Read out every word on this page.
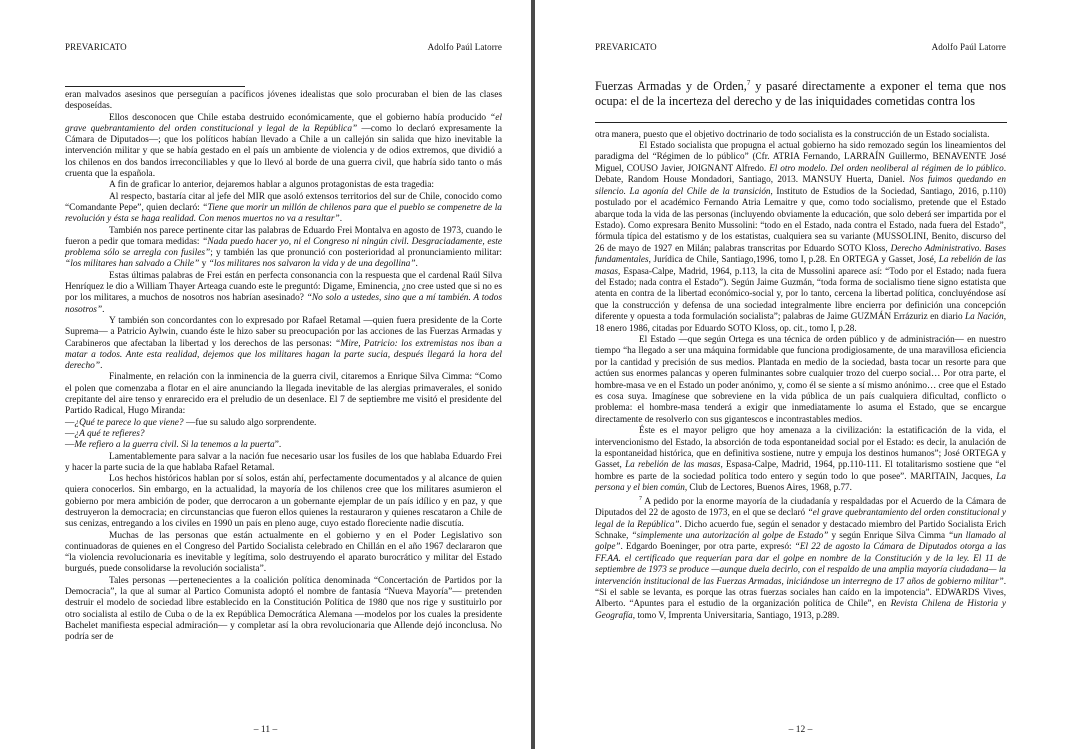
PREVARICATO	Adolfo Paúl Latorre

eran malvados asesinos que perseguían a pacíficos jóvenes idealistas que solo procuraban el bien de las clases desposeídas.

Ellos desconocen que Chile estaba destruido económicamente, que el gobierno había producido “el grave quebrantamiento del orden constitucional y legal de la República” —como lo declaró expresamente la Cámara de Diputados—; que los políticos habían llevado a Chile a un callejón sin salida que hizo inevitable la intervención militar y que se había gestado en el país un ambiente de violencia y de odios extremos, que dividió a los chilenos en dos bandos irreconciliables y que lo llevó al borde de una guerra civil, que habría sido tanto o más cruenta que la española.

A fin de graficar lo anterior, dejaremos hablar a algunos protagonistas de esta tragedia:

Al respecto, bastaría citar al jefe del MIR que asoló extensos territorios del sur de Chile, conocido como “Comandante Pepe”, quien declaró: “Tiene que morir un millón de chilenos para que el pueblo se compenetre de la revolución y ésta se haga realidad. Con menos muertos no va a resultar”.

También nos parece pertinente citar las palabras de Eduardo Frei Montalva en agosto de 1973, cuando le fueron a pedir que tomara medidas: “Nada puedo hacer yo, ni el Congreso ni ningún civil. Desgraciadamente, este problema sólo se arregla con fusiles”; y también las que pronunció con posterioridad al pronunciamiento militar: “los militares han salvado a Chile” y “los militares nos salvaron la vida y de una degollina”.

Estas últimas palabras de Frei están en perfecta consonancia con la respuesta que el cardenal Raúl Silva Henríquez le dio a William Thayer Arteaga cuando este le preguntó: Digame, Eminencia, ¿no cree usted que si no es por los militares, a muchos de nosotros nos habrían asesinado? “No solo a ustedes, sino que a mí también. A todos nosotros”.

Y también son concordantes con lo expresado por Rafael Retamal —quien fuera presidente de la Corte Suprema— a Patricio Aylwin, cuando éste le hizo saber su preocupación por las acciones de las Fuerzas Armadas y Carabineros que afectaban la libertad y los derechos de las personas: “Mire, Patricio: los extremistas nos iban a matar a todos. Ante esta realidad, dejemos que los militares hagan la parte sucia, después llegará la hora del derecho”.

Finalmente, en relación con la inminencia de la guerra civil, citaremos a Enrique Silva Cimma: “Como el polen que comenzaba a flotar en el aire anunciando la llegada inevitable de las alergias primaverales, el sonido crepitante del aire tenso y enrarecido era el preludio de un desenlace. El 7 de septiembre me visitó el presidente del Partido Radical, Hugo Miranda:

—¿Qué te parece lo que viene? —fue su saludo algo sorprendente.

—¿A qué te refieres?

—Me refiero a la guerra civil. Si la tenemos a la puerta”.

Lamentablemente para salvar a la nación fue necesario usar los fusiles de los que hablaba Eduardo Frei y hacer la parte sucia de la que hablaba Rafael Retamal.

Los hechos históricos hablan por sí solos, están ahí, perfectamente documentados y al alcance de quien quiera conocerlos. Sin embargo, en la actualidad, la mayoría de los chilenos cree que los militares asumieron el gobierno por mera ambición de poder, que derrocaron a un gobernante ejemplar de un país idílico y en paz, y que destruyeron la democracia; en circunstancias que fueron ellos quienes la restauraron y quienes rescataron a Chile de sus cenizas, entregando a los civiles en 1990 un país en pleno auge, cuyo estado floreciente nadie discutía.

Muchas de las personas que están actualmente en el gobierno y en el Poder Legislativo son continuadoras de quienes en el Congreso del Partido Socialista celebrado en Chillán en el año 1967 declararon que “la violencia revolucionaria es inevitable y legítima, solo destruyendo el aparato burocrático y militar del Estado burgués, puede consolidarse la revolución socialista”.

Tales personas —pertenecientes a la coalición política denominada “Concertación de Partidos por la Democracia”, la que al sumar al Partico Comunista adoptó el nombre de fantasía “Nueva Mayoría”— pretenden destruir el modelo de sociedad libre establecido en la Constitución Política de 1980 que nos rige y sustituirlo por otro socialista al estilo de Cuba o de la ex República Democrática Alemana —modelos por los cuales la presidente Bachelet manifiesta especial admiración— y completar así la obra revolucionaria que Allende dejó inconclusa. No podría ser de

– 11 –
PREVARICATO	Adolfo Paúl Latorre

Fuerzas Armadas y de Orden,$^7$ y pasaré directamente a exponer el tema que nos ocupa: el de la incerteza del derecho y de las iniquidades cometidas contra los

otra manera, puesto que el objetivo doctrinario de todo socialista es la construcción de un Estado socialista.

El Estado socialista que propugna el actual gobierno ha sido remozado según los lineamientos del paradigma del “Régimen de lo público” (Cfr. ATRIA Fernando, LARRAÍN Guillermo, BENAVENTE José Miguel, COUSO Javier, JOIGNANT Alfredo. El otro modelo. Del orden neoliberal al régimen de lo público. Debate, Random House Mondadori, Santiago, 2013. MANSUY Huerta, Daniel. Nos fuimos quedando en silencio. La agonía del Chile de la transición, Instituto de Estudios de la Sociedad, Santiago, 2016, p.110) postulado por el académico Fernando Atria Lemaitre y que, como todo socialismo, pretende que el Estado abarque toda la vida de las personas (incluyendo obviamente la educación, que solo deberá ser impartida por el Estado). Como expresara Benito Mussolini: “todo en el Estado, nada contra el Estado, nada fuera del Estado”, fórmula típica del estatismo y de los estatistas, cualquiera sea su variante (MUSSOLINI, Benito, discurso del 26 de mayo de 1927 en Milán; palabras transcritas por Eduardo SOTO Kloss, Derecho Administrativo. Bases fundamentales, Jurídica de Chile, Santiago,1996, tomo I, p.28. En ORTEGA y Gasset, José, La rebelión de las masas, Espasa-Calpe, Madrid, 1964, p.113, la cita de Mussolini aparece así: “Todo por el Estado; nada fuera del Estado; nada contra el Estado”). Según Jaime Guzmán, “toda forma de socialismo tiene signo estatista que atenta en contra de la libertad económico-social y, por lo tanto, cercena la libertad política, concluyéndose así que la construcción y defensa de una sociedad integralmente libre encierra por definición una concepción diferente y opuesta a toda formulación socialista”; palabras de Jaime GUZMÁN Errázuriz en diario La Nación, 18 enero 1986, citadas por Eduardo SOTO Kloss, op. cit., tomo I, p.28.

El Estado —que según Ortega es una técnica de orden público y de administración— en nuestro tiempo “ha llegado a ser una máquina formidable que funciona prodigiosamente, de una maravillosa eficiencia por la cantidad y precisión de sus medios. Plantada en medio de la sociedad, basta tocar un resorte para que actúen sus enormes palancas y operen fulminantes sobre cualquier trozo del cuerpo social… Por otra parte, el hombre-masa ve en el Estado un poder anónimo, y, como él se siente a sí mismo anónimo… cree que el Estado es cosa suya. Imagínese que sobreviene en la vida pública de un país cualquiera dificultad, conflicto o problema: el hombre-masa tenderá a exigir que inmediatamente lo asuma el Estado, que se encargue directamente de resolverlo con sus gigantescos e incontrastables medios.

Éste es el mayor peligro que hoy amenaza a la civilización: la estatificación de la vida, el intervencionismo del Estado, la absorción de toda espontaneidad social por el Estado: es decir, la anulación de la espontaneidad histórica, que en definitiva sostiene, nutre y empuja los destinos humanos”; José ORTEGA y Gasset, La rebelión de las masas, Espasa-Calpe, Madrid, 1964, pp.110-111. El totalitarismo sostiene que “el hombre es parte de la sociedad política todo entero y según todo lo que posee”. MARITAIN, Jacques, La persona y el bien común, Club de Lectores, Buenos Aires, 1968, p.77.

$^7$ A pedido por la enorme mayoría de la ciudadanía y respaldadas por el Acuerdo de la Cámara de Diputados del 22 de agosto de 1973, en el que se declaró “el grave quebrantamiento del orden constitucional y legal de la República”. Dicho acuerdo fue, según el senador y destacado miembro del Partido Socialista Erich Schnake, “simplemente una autorización al golpe de Estado” y según Enrique Silva Cimma “un llamado al golpe”. Edgardo Boeninger, por otra parte, expresó: “El 22 de agosto la Cámara de Diputados otorga a las FF.AA. el certificado que requerían para dar el golpe en nombre de la Constitución y de la ley. El 11 de septiembre de 1973 se produce —aunque duela decirlo, con el respaldo de una amplia mayoría ciudadana— la intervención institucional de las Fuerzas Armadas, iniciándose un interregno de 17 años de gobierno militar”. “Si el sable se levanta, es porque las otras fuerzas sociales han caído en la impotencia”. EDWARDS Vives, Alberto. “Apuntes para el estudio de la organización política de Chile”, en Revista Chilena de Historia y Geografía, tomo V, Imprenta Universitaria, Santiago, 1913, p.289.

– 12 –
